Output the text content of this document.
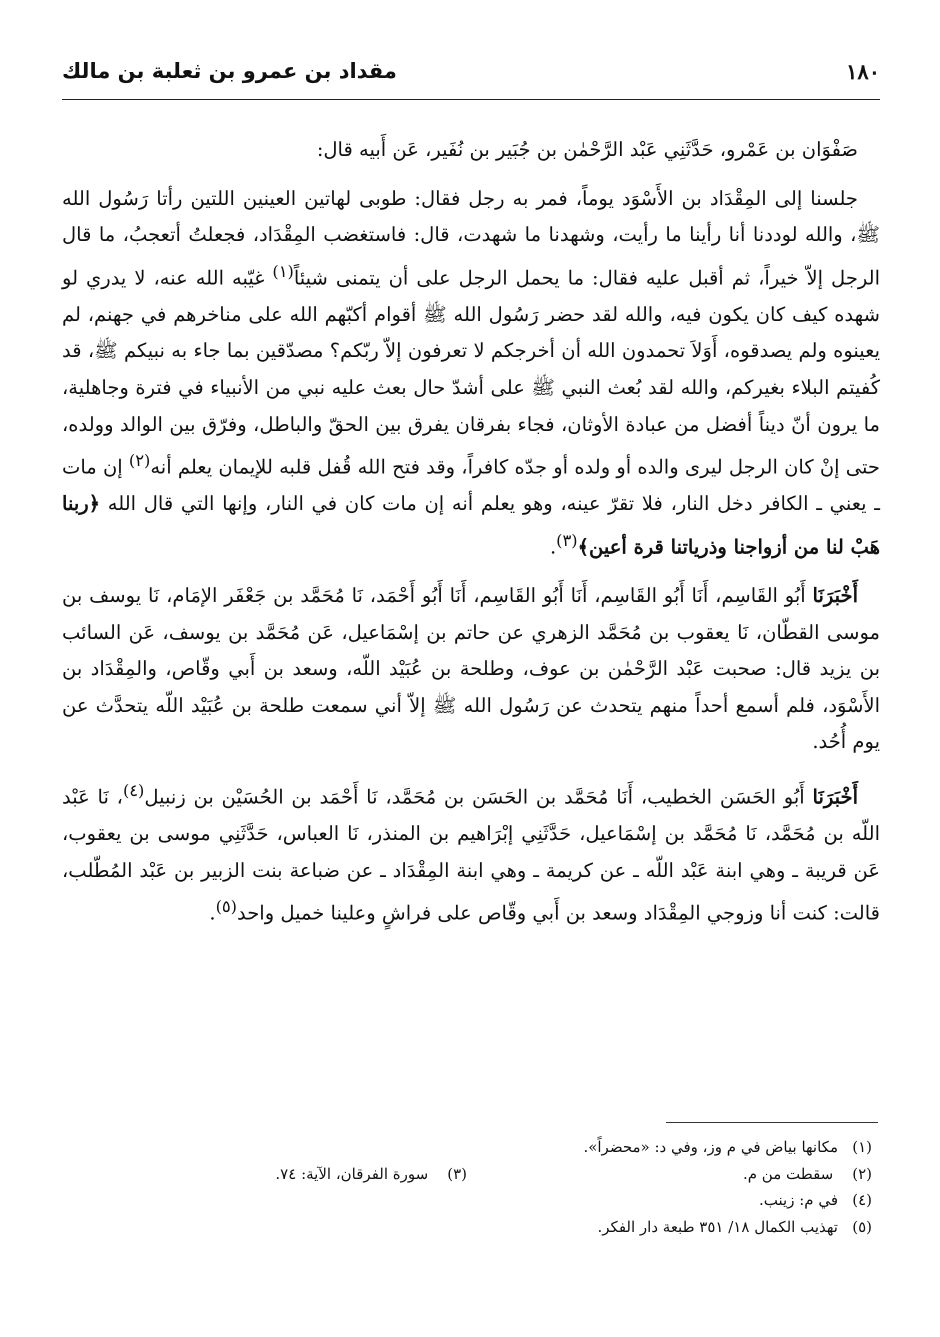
١٨٠
مقداد بن عمرو بن ثعلبة بن مالك

صَفْوَان بن عَمْرو، حَدَّثَنِي عَبْد الرَّحْمٰن بن جُبَير بن نُفَير، عَن أَبيه قال:

جلسنا إلى المِقْدَاد بن الأَسْوَد يوماً، فمر به رجل فقال: طوبى لهاتين العينين اللتين رأتا رَسُول الله ﷺ، والله لوددنا أنا رأينا ما رأيت، وشهدنا ما شهدت، قال: فاستغضب المِقْدَاد، فجعلتُ أتعجبُ، ما قال الرجل إلاّ خيراً، ثم أقبل عليه فقال: ما يحمل الرجل على أن يتمنى شيئاً$^{(١)}$ غيّبه الله عنه، لا يدري لو شهده كيف كان يكون فيه، والله لقد حضر رَسُول الله ﷺ أقوام أكبّهم الله على مناخرهم في جهنم، لم يعينوه ولم يصدقوه، أَوَلاَ تحمدون الله أن أخرجكم لا تعرفون إلاّ ربّكم؟ مصدّقين بما جاء به نبيكم ﷺ، قد كُفيتم البلاء بغيركم، والله لقد بُعث النبي ﷺ على أشدّ حال بعث عليه نبي من الأنبياء في فترة وجاهلية، ما يرون أنّ ديناً أفضل من عبادة الأوثان، فجاء بفرقان يفرق بين الحقّ والباطل، وفرّق بين الوالد وولده، حتى إنْ كان الرجل ليرى والده أو ولده أو جدّه كافراً، وقد فتح الله قُفل قلبه للإيمان يعلم أنه$^{(٢)}$ إن مات ـ يعني ـ الكافر دخل النار، فلا تقرّ عينه، وهو يعلم أنه إن مات كان في النار، وإنها التي قال الله ﴿ربنا هَبْ لنا من أزواجنا وذرياتنا قرة أعين﴾$^{(٣)}$.

أَخْبَرَنَا أَبُو القَاسِم، أَنَا أَبُو القَاسِم، أَنَا أَبُو القَاسِم، أَنَا أَبُو أَحْمَد، نَا مُحَمَّد بن جَعْفَر الإمَام، نَا يوسف بن موسى القطّان، نَا يعقوب بن مُحَمَّد الزهري عن حاتم بن إسْمَاعيل، عَن مُحَمَّد بن يوسف، عَن السائب بن يزيد قال: صحبت عَبْد الرَّحْمٰن بن عوف، وطلحة بن عُبَيْد اللّه، وسعد بن أَبي وقّاص، والمِقْدَاد بن الأَسْوَد، فلم أسمع أحداً منهم يتحدث عن رَسُول الله ﷺ إلاّ أني سمعت طلحة بن عُبَيْد اللّه يتحدَّث عن يوم أُحُد.

أَخْبَرَنَا أَبُو الحَسَن الخطيب، أَنَا مُحَمَّد بن الحَسَن بن مُحَمَّد، نَا أَحْمَد بن الحُسَيْن بن زنبيل$^{(٤)}$، نَا عَبْد اللّه بن مُحَمَّد، نَا مُحَمَّد بن إسْمَاعيل، حَدَّثَنِي إبْرَاهيم بن المنذر، نَا العباس، حَدَّثَنِي موسى بن يعقوب، عَن قريبة ـ وهي ابنة عَبْد اللّه ـ عن كريمة ـ وهي ابنة المِقْدَاد ـ عن ضباعة بنت الزبير بن عَبْد المُطّلب، قالت: كنت أنا وزوجي المِقْدَاد وسعد بن أَبي وقّاص على فراشٍ وعلينا خميل واحد$^{(٥)}$.

(١)
مكانها بياض في م وز، وفي د: «محضراً».
(٢) سقطت من م.
(٣) سورة الفرقان، الآية: ٧٤.
(٤)
في م: زينب.
(٥)
تهذيب الكمال ١٨/ ٣٥١ طبعة دار الفكر.
